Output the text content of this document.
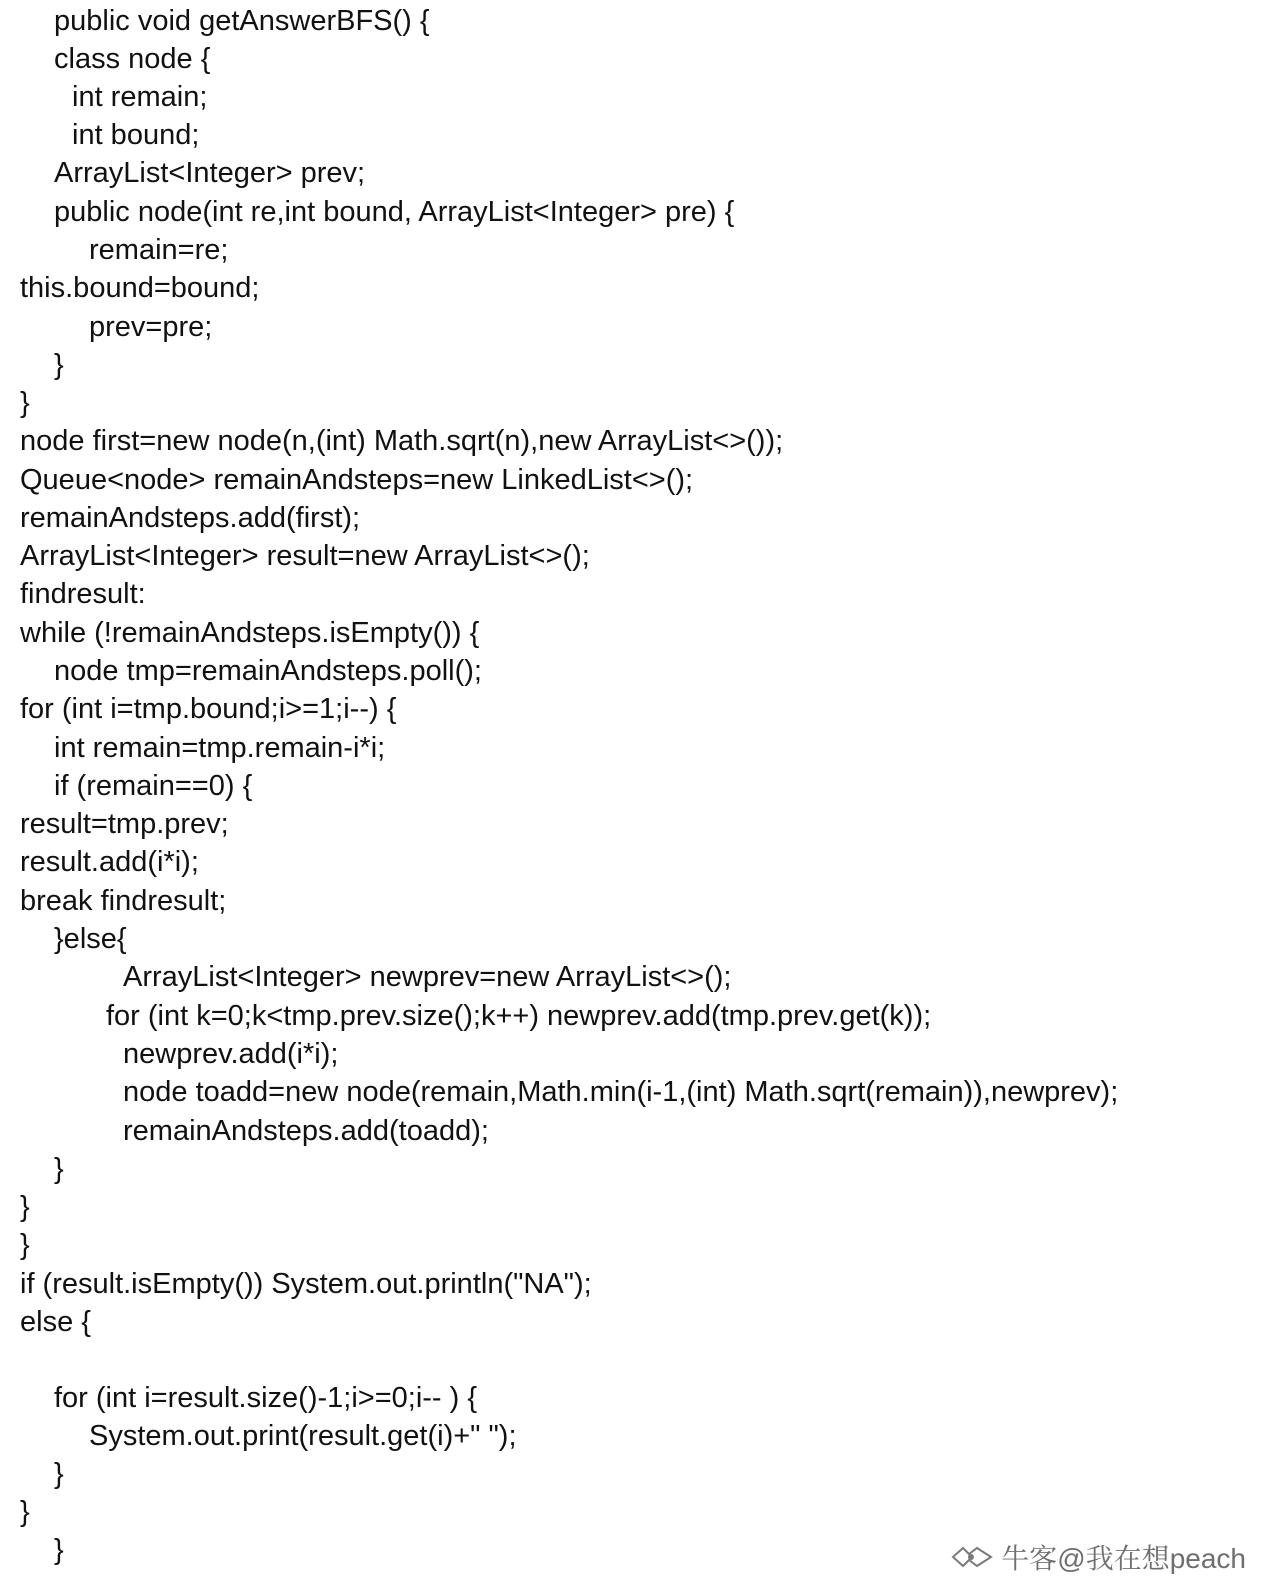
public void getAnswerBFS() {
class node {
int remain;
int bound;
ArrayList<Integer> prev;
public node(int re,int bound, ArrayList<Integer> pre) {
remain=re;
this.bound=bound;
prev=pre;
}
}
node first=new node(n,(int) Math.sqrt(n),new ArrayList<>());
Queue<node> remainAndsteps=new LinkedList<>();
remainAndsteps.add(first);
ArrayList<Integer> result=new ArrayList<>();
findresult:
while (!remainAndsteps.isEmpty()) {
node tmp=remainAndsteps.poll();
for (int i=tmp.bound;i>=1;i--) {
int remain=tmp.remain-i*i;
if (remain==0) {
result=tmp.prev;
result.add(i*i);
break findresult;
}else{
ArrayList<Integer> newprev=new ArrayList<>();
for (int k=0;k<tmp.prev.size();k++) newprev.add(tmp.prev.get(k));
newprev.add(i*i);
node toadd=new node(remain,Math.min(i-1,(int) Math.sqrt(remain)),newprev);
remainAndsteps.add(toadd);
}
}
}
if (result.isEmpty()) System.out.println("NA");
else {
for (int i=result.size()-1;i>=0;i-- ) {
System.out.print(result.get(i)+" ");
}
}
}	牛客@我在想peach
